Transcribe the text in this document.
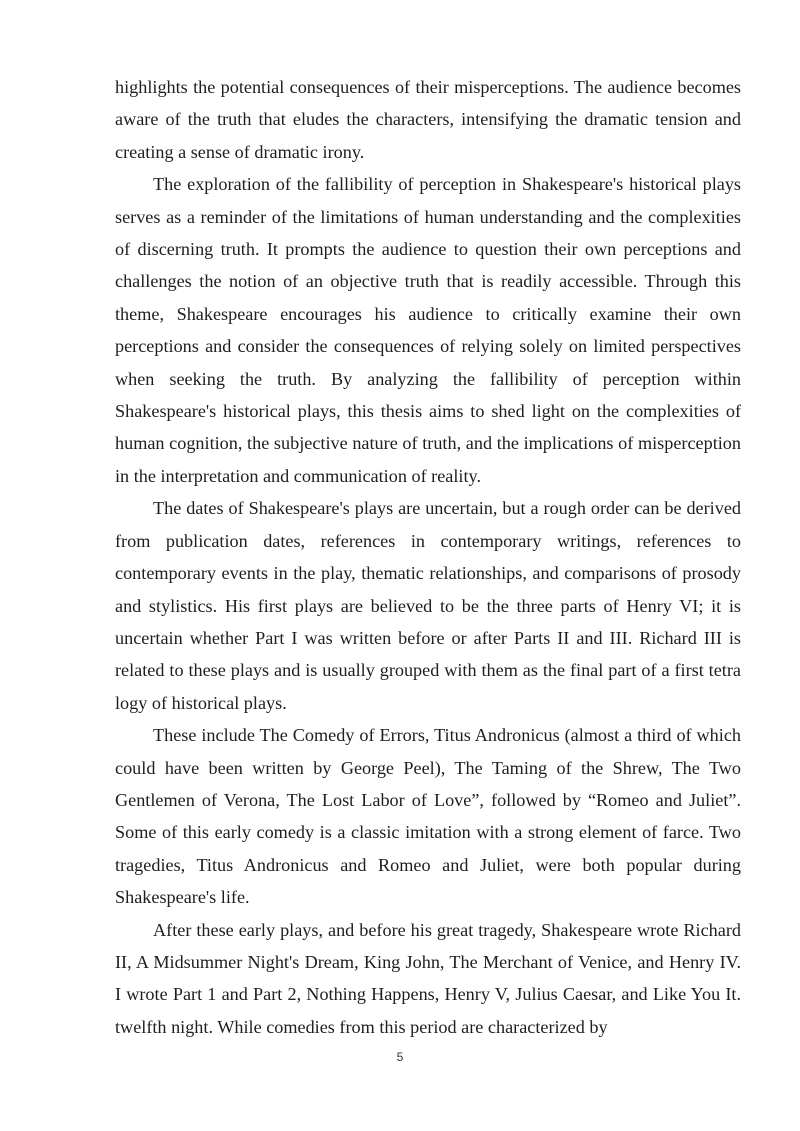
highlights the potential consequences of their misperceptions. The audience becomes aware of the truth that eludes the characters, intensifying the dramatic tension and creating a sense of dramatic irony.

The exploration of the fallibility of perception in Shakespeare's historical plays serves as a reminder of the limitations of human understanding and the complexities of discerning truth. It prompts the audience to question their own perceptions and challenges the notion of an objective truth that is readily accessible. Through this theme, Shakespeare encourages his audience to critically examine their own perceptions and consider the consequences of relying solely on limited perspectives when seeking the truth. By analyzing the fallibility of perception within Shakespeare's historical plays, this thesis aims to shed light on the complexities of human cognition, the subjective nature of truth, and the implications of misperception in the interpretation and communication of reality.

The dates of Shakespeare's plays are uncertain, but a rough order can be derived from publication dates, references in contemporary writings, references to contemporary events in the play, thematic relationships, and comparisons of prosody and stylistics. His first plays are believed to be the three parts of Henry VI; it is uncertain whether Part I was written before or after Parts II and III. Richard III is related to these plays and is usually grouped with them as the final part of a first tetra logy of historical plays.

These include The Comedy of Errors, Titus Andronicus (almost a third of which could have been written by George Peel), The Taming of the Shrew, The Two Gentlemen of Verona, The Lost Labor of Love”, followed by “Romeo and Juliet”. Some of this early comedy is a classic imitation with a strong element of farce. Two tragedies, Titus Andronicus and Romeo and Juliet, were both popular during Shakespeare's life.

After these early plays, and before his great tragedy, Shakespeare wrote Richard II, A Midsummer Night's Dream, King John, The Merchant of Venice, and Henry IV. I wrote Part 1 and Part 2, Nothing Happens, Henry V, Julius Caesar, and Like You It. twelfth night. While comedies from this period are characterized by

5
